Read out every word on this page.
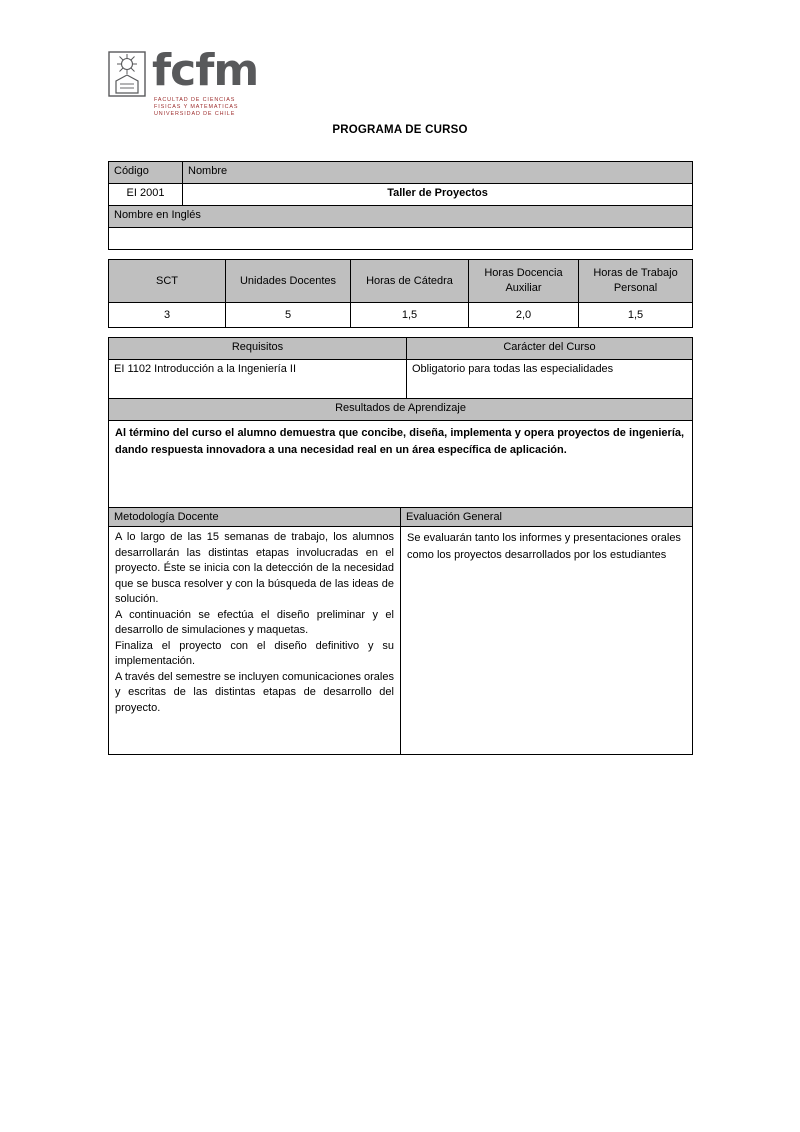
fcfm
FACULTAD DE CIENCIAS
FISICAS Y MATEMATICAS
UNIVERSIDAD DE CHILE
PROGRAMA DE CURSO
Código	Nombre					
EI 2001	Taller de Proyectos					
Nombre en Inglés						

SCT		Unidades Docentes	Horas de Cátedra		Horas Docencia Auxiliar	Horas de Trabajo Personal
3		5	1,5		2,0	1,5

Requisitos				Carácter del Curso		
EI 1102 Introducción a la Ingeniería II				Obligatorio para todas las especialidades		
Resultados de Aprendizaje						
Al término del curso el alumno demuestra que concibe, diseña, implementa y opera proyectos de ingeniería, dando respuesta innovadora a una necesidad real en un área específica de aplicación.						
Metodología Docente	Evaluación General

A lo largo de las 15 semanas de trabajo, los alumnos desarrollarán las distintas etapas involucradas en el proyecto. Éste se inicia con la detección de la necesidad que se busca resolver y con la búsqueda de las ideas de solución.

A continuación se efectúa el diseño preliminar y el desarrollo de simulaciones y maquetas.

Finaliza el proyecto con el diseño definitivo y su implementación.

A través del semestre se incluyen comunicaciones orales y escritas de las distintas etapas de desarrollo del proyecto.	Se evaluarán tanto los informes y presentaciones orales como los proyectos desarrollados por los estudiantes
